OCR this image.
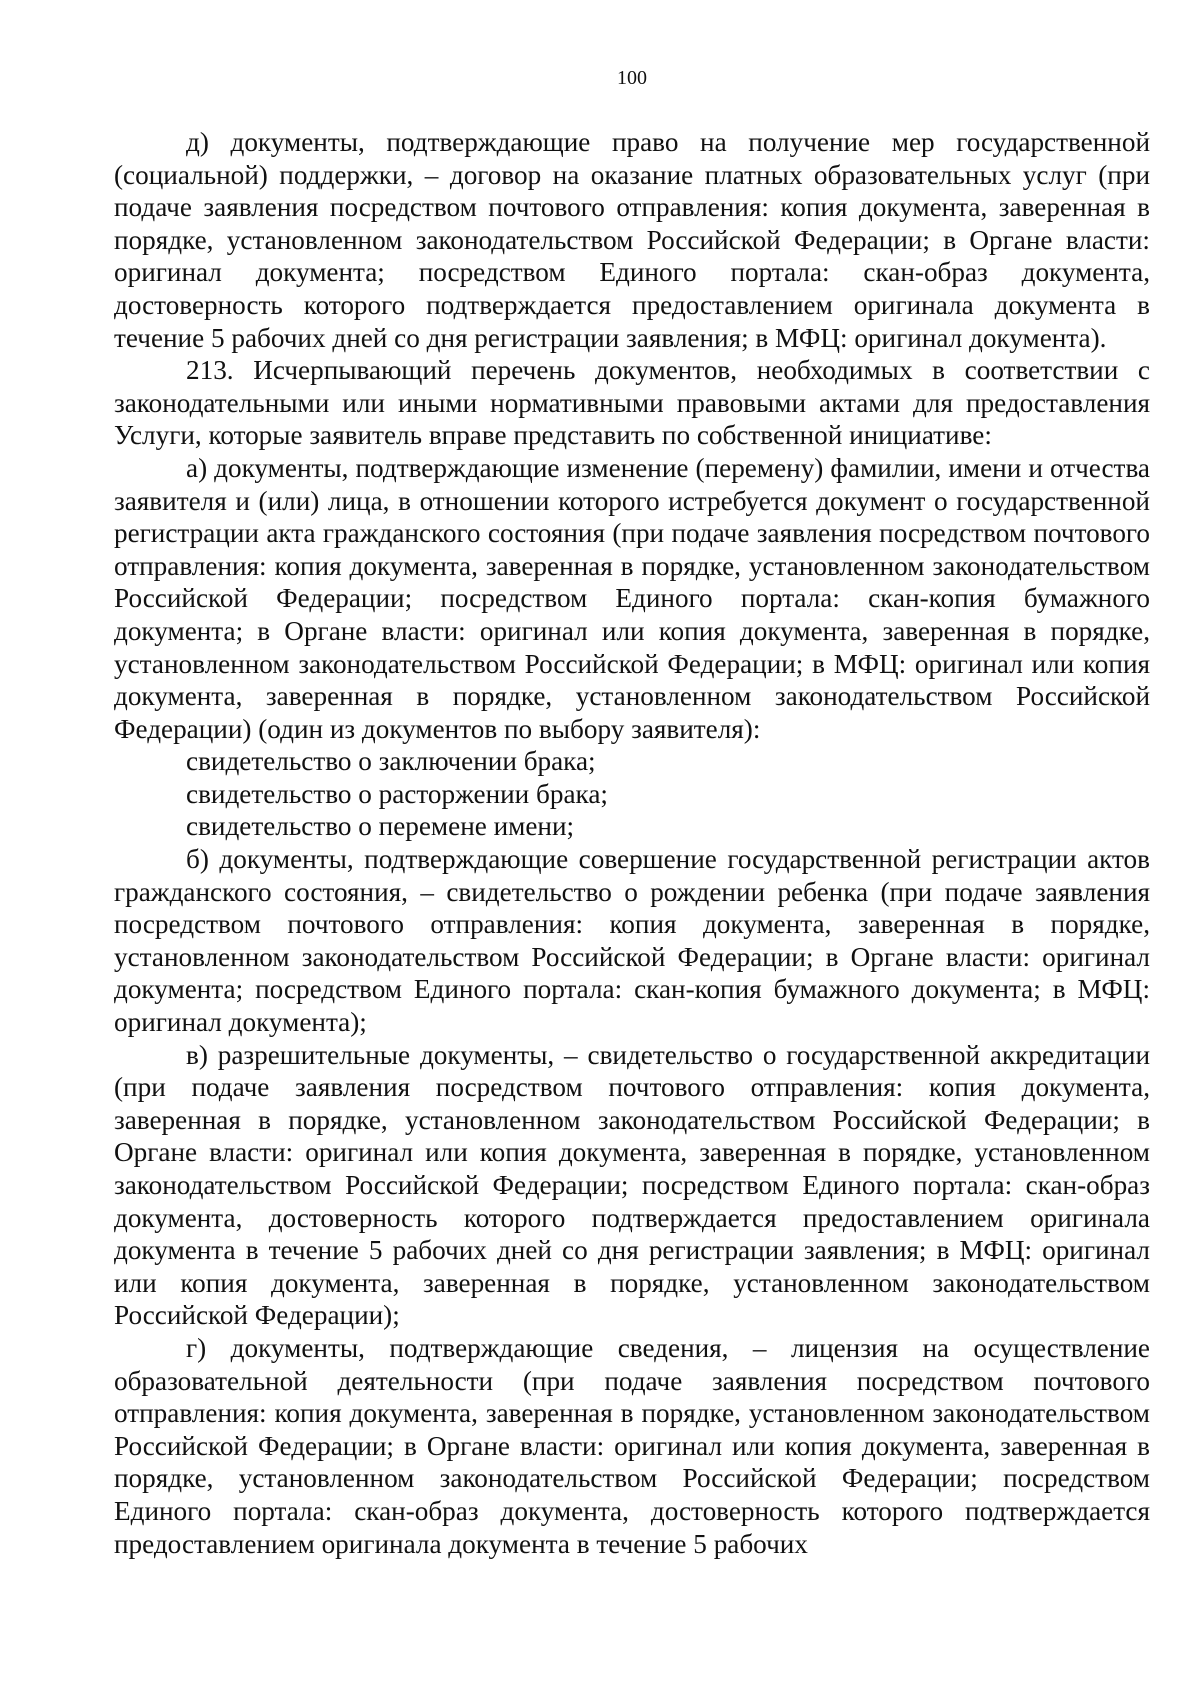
100

д) документы, подтверждающие право на получение мер государственной (социальной) поддержки, – договор на оказание платных образовательных услуг (при подаче заявления посредством почтового отправления: копия документа, заверенная в порядке, установленном законодательством Российской Федерации; в Органе власти: оригинал документа; посредством Единого портала: скан-образ документа, достоверность которого подтверждается предоставлением оригинала документа в течение 5 рабочих дней со дня регистрации заявления; в МФЦ: оригинал документа).

213. Исчерпывающий перечень документов, необходимых в соответствии с законодательными или иными нормативными правовыми актами для предоставления Услуги, которые заявитель вправе представить по собственной инициативе:

а) документы, подтверждающие изменение (перемену) фамилии, имени и отчества заявителя и (или) лица, в отношении которого истребуется документ о государственной регистрации акта гражданского состояния (при подаче заявления посредством почтового отправления: копия документа, заверенная в порядке, установленном законодательством Российской Федерации; посредством Единого портала: скан-копия бумажного документа; в Органе власти: оригинал или копия документа, заверенная в порядке, установленном законодательством Российской Федерации; в МФЦ: оригинал или копия документа, заверенная в порядке, установленном законодательством Российской Федерации) (один из документов по выбору заявителя):

свидетельство о заключении брака;

свидетельство о расторжении брака;

свидетельство о перемене имени;

б) документы, подтверждающие совершение государственной регистрации актов гражданского состояния, – свидетельство о рождении ребенка (при подаче заявления посредством почтового отправления: копия документа, заверенная в порядке, установленном законодательством Российской Федерации; в Органе власти: оригинал документа; посредством Единого портала: скан-копия бумажного документа; в МФЦ: оригинал документа);

в) разрешительные документы, – свидетельство о государственной аккредитации (при подаче заявления посредством почтового отправления: копия документа, заверенная в порядке, установленном законодательством Российской Федерации; в Органе власти: оригинал или копия документа, заверенная в порядке, установленном законодательством Российской Федерации; посредством Единого портала: скан-образ документа, достоверность которого подтверждается предоставлением оригинала документа в течение 5 рабочих дней со дня регистрации заявления; в МФЦ: оригинал или копия документа, заверенная в порядке, установленном законодательством Российской Федерации);

г) документы, подтверждающие сведения, – лицензия на осуществление образовательной деятельности (при подаче заявления посредством почтового отправления: копия документа, заверенная в порядке, установленном законодательством Российской Федерации; в Органе власти: оригинал или копия документа, заверенная в порядке, установленном законодательством Российской Федерации; посредством Единого портала: скан-образ документа, достоверность которого подтверждается предоставлением оригинала документа в течение 5 рабочих
